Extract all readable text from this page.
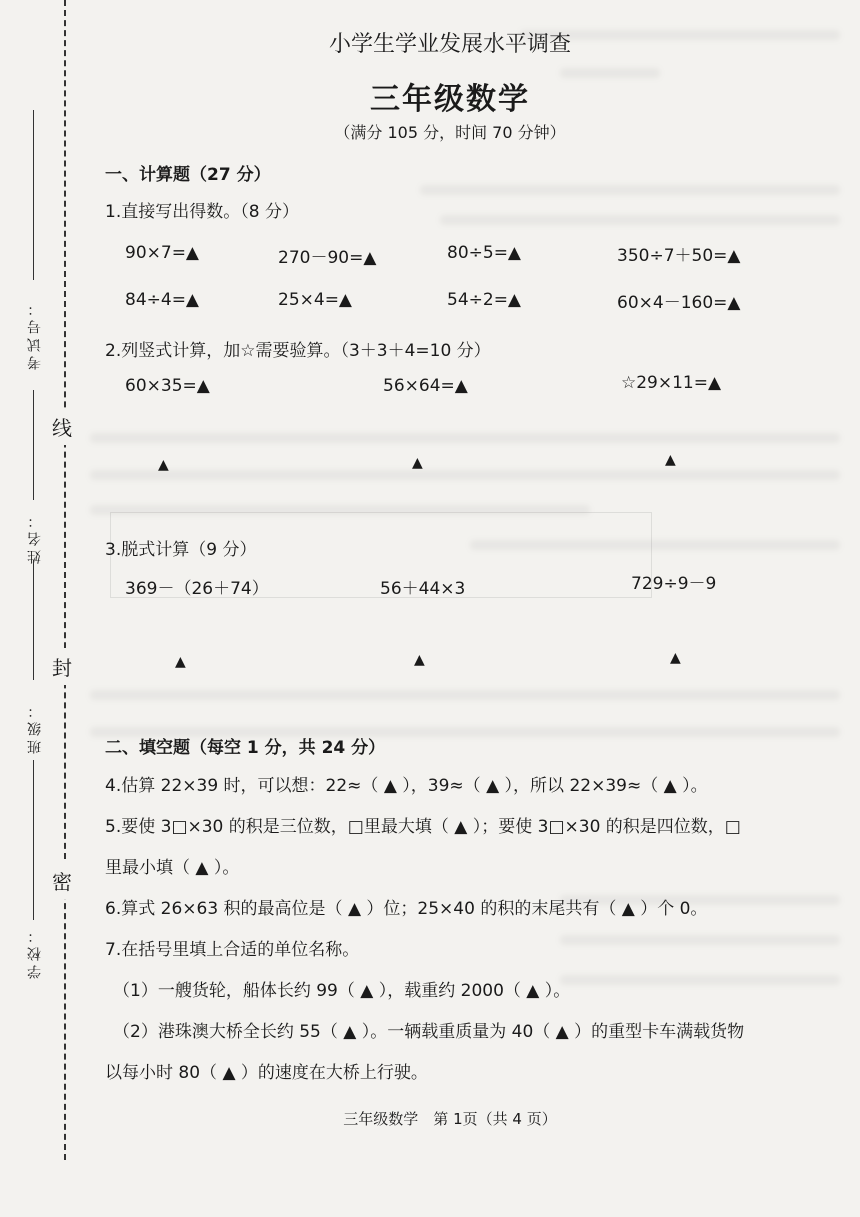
考试号：
姓名：
班级：
学校：
线
封
密
小学生学业发展水平调查
三年级数学
（满分 105 分，时间 70 分钟）
一、计算题（27 分）
1.直接写出得数。（8 分）
90×7=▲	270－90=▲	80÷5=▲	350÷7＋50=▲
84÷4=▲	25×4=▲	54÷2=▲	60×4－160=▲
2.列竖式计算，加☆需要验算。（3＋3＋4=10 分）
60×35=▲	56×64=▲	☆29×11=▲
▲	▲	▲
3.脱式计算（9 分）
369－（26＋74）	56＋44×3	729÷9－9
▲	▲	▲
二、填空题（每空 1 分，共 24 分）
4.估算 22×39 时，可以想：22≈（ ▲ ），39≈（ ▲ ），所以 22×39≈（ ▲ ）。
5.要使 3□×30 的积是三位数，□里最大填（ ▲ ）；要使 3□×30 的积是四位数，□
里最小填（ ▲ ）。
6.算式 26×63 积的最高位是（ ▲ ）位；25×40 的积的末尾共有（ ▲ ）个 0。
7.在括号里填上合适的单位名称。
（1）一艘货轮，船体长约 99（ ▲ ），载重约 2000（ ▲ ）。
（2）港珠澳大桥全长约 55（ ▲ ）。一辆载重质量为 40（ ▲ ）的重型卡车满载货物
以每小时 80（ ▲ ）的速度在大桥上行驶。
三年级数学　第 1页（共 4 页）
